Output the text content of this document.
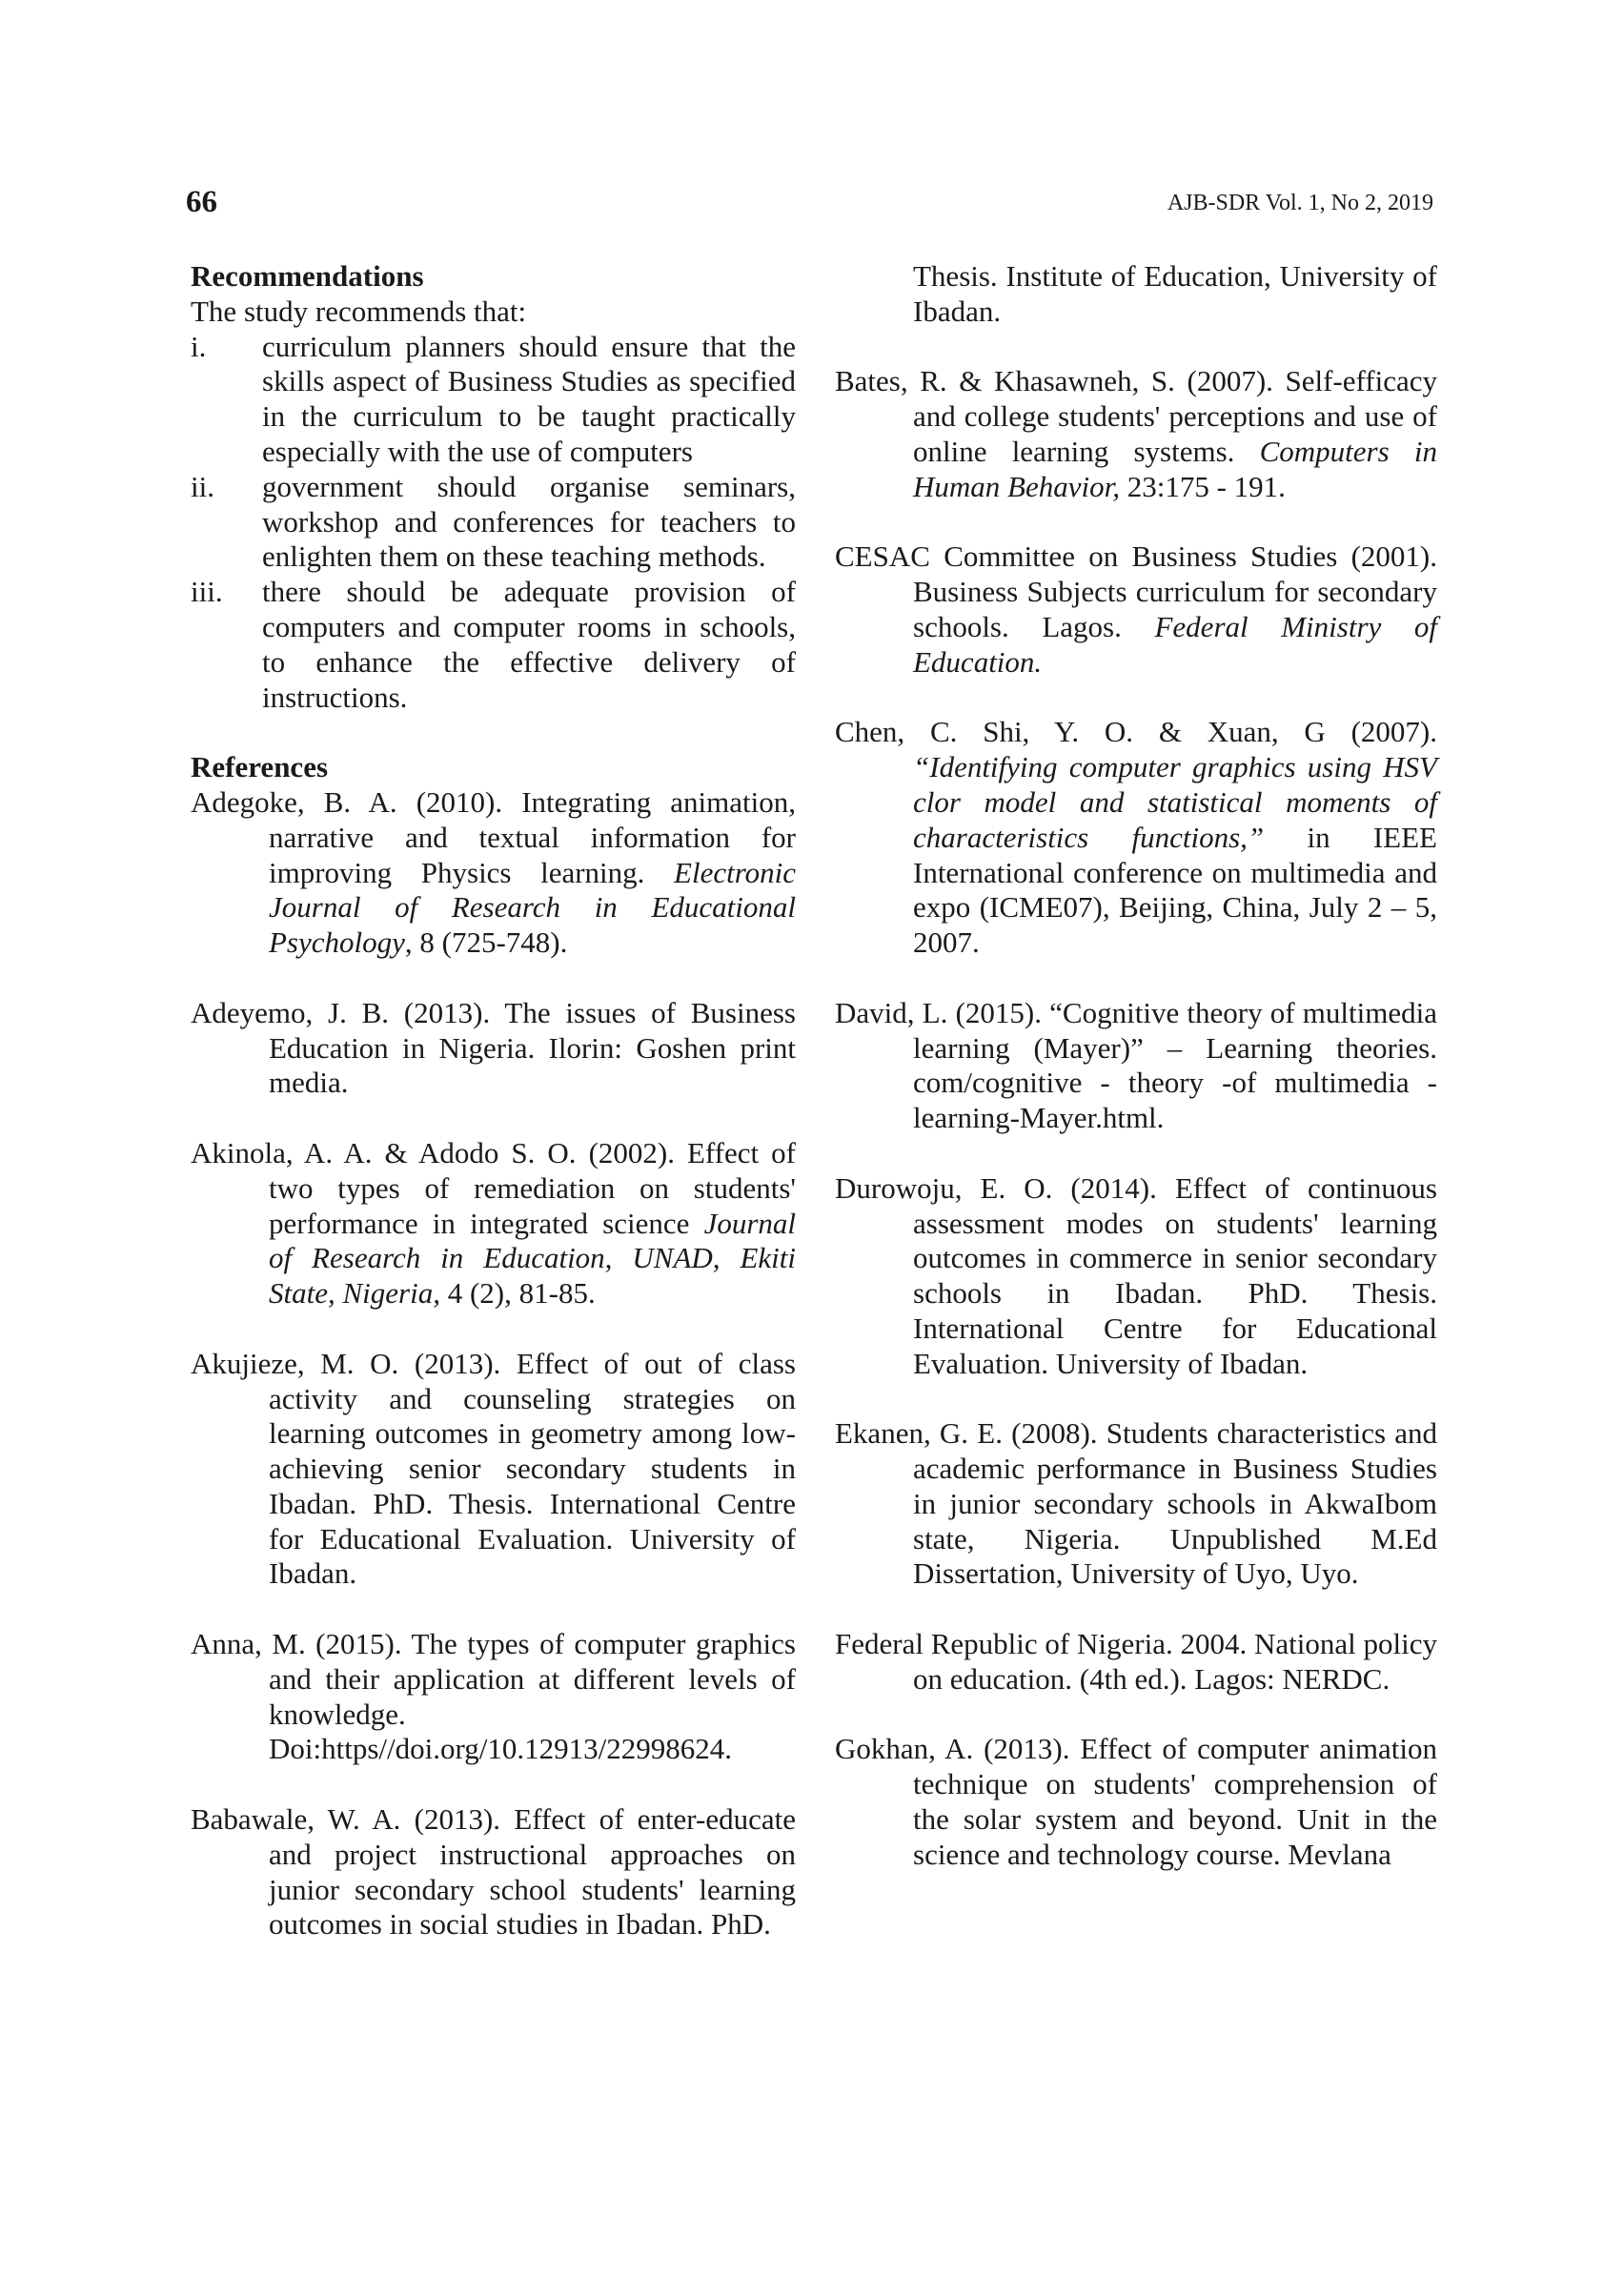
66	AJB-SDR Vol. 1, No 2, 2019
Recommendations
The study recommends that:
i.	curriculum planners should ensure that the skills aspect of Business Studies as specified in the curriculum to be taught practically especially with the use of computers
ii.	government should organise seminars, workshop and conferences for teachers to enlighten them on these teaching methods.
iii.	there should be adequate provision of computers and computer rooms in schools, to enhance the effective delivery of instructions.
References
Adegoke, B. A. (2010). Integrating animation, narrative and textual information for improving Physics learning. Electronic Journal of Research in Educational Psychology, 8 (725-748).
Adeyemo, J. B. (2013). The issues of Business Education in Nigeria. Ilorin: Goshen print media.
Akinola, A. A. & Adodo S. O. (2002). Effect of two types of remediation on students' performance in integrated science Journal of Research in Education, UNAD, Ekiti State, Nigeria, 4 (2), 81-85.
Akujieze, M. O. (2013). Effect of out of class activity and counseling strategies on learning outcomes in geometry among low-achieving senior secondary students in Ibadan. PhD. Thesis. International Centre for Educational Evaluation. University of Ibadan.
Anna, M. (2015). The types of computer graphics and their application at different levels of knowledge. Doi:https//doi.org/10.12913/22998624.
Babawale, W. A. (2013). Effect of enter-educate and project instructional approaches on junior secondary school students' learning outcomes in social studies in Ibadan. PhD.
Thesis. Institute of Education, University of Ibadan.
Bates, R. & Khasawneh, S. (2007). Self-efficacy and college students' perceptions and use of online learning systems. Computers in Human Behavior, 23:175 - 191.
CESAC Committee on Business Studies (2001). Business Subjects curriculum for secondary schools. Lagos. Federal Ministry of Education.
Chen, C. Shi, Y. O. & Xuan, G (2007). “Identifying computer graphics using HSV clor model and statistical moments of characteristics functions,” in IEEE International conference on multimedia and expo (ICME07), Beijing, China, July 2 – 5, 2007.
David, L. (2015). “Cognitive theory of multimedia learning (Mayer)” – Learning theories. com/cognitive - theory -of multimedia - learning-Mayer.html.
Durowoju, E. O. (2014). Effect of continuous assessment modes on students' learning outcomes in commerce in senior secondary schools in Ibadan. PhD. Thesis. International Centre for Educational Evaluation. University of Ibadan.
Ekanen, G. E. (2008). Students characteristics and academic performance in Business Studies in junior secondary schools in AkwaIbom state, Nigeria. Unpublished M.Ed Dissertation, University of Uyo, Uyo.
Federal Republic of Nigeria. 2004. National policy on education. (4th ed.). Lagos: NERDC.
Gokhan, A. (2013). Effect of computer animation technique on students' comprehension of the solar system and beyond. Unit in the science and technology course. Mevlana
